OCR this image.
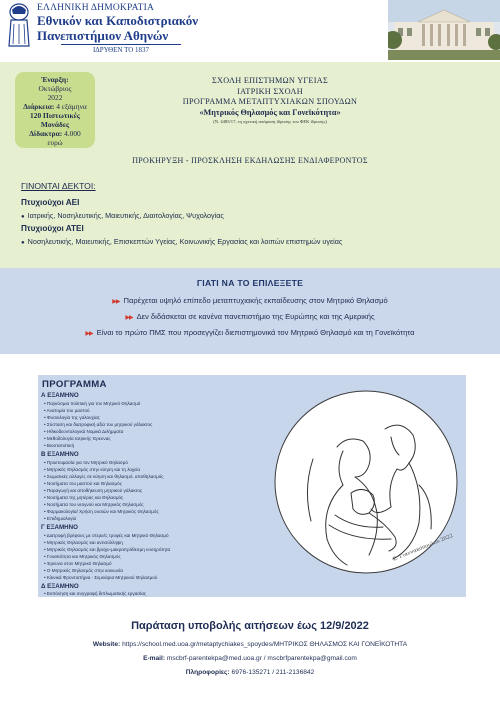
ΕΛΛΗΝΙΚΗ ΔΗΜΟΚΡΑΤΙΑ
Εθνικόν και Καποδιστριακόν
Πανεπιστήμιον Αθηνών
ΙΔΡΥΘΕΝ ΤΟ 1837
Έναρξη:
Οκτώβριος
2022
Διάρκεια: 4 εξάμηνα
120 Πιστωτικές
Μονάδες
Δίδακτρα: 4.000
ευρώ
ΣΧΟΛΗ ΕΠΙΣΤΗΜΩΝ ΥΓΕΙΑΣ
ΙΑΤΡΙΚΗ ΣΧΟΛΗ
ΠΡΟΓΡΑΜΜΑ ΜΕΤΑΠΤΥΧΙΑΚΩΝ ΣΠΟΥΔΩΝ
«Μητρικός Θηλασμός και Γονεϊκότητα»
(Ν. 4485/17, τη σχετική απόφαση ίδρυσης του ΦΕΚ ίδρυσης)
ΠΡΟΚΗΡΥΞΗ - ΠΡΟΣΚΛΗΣΗ ΕΚΔΗΛΩΣΗΣ ΕΝΔΙΑΦΕΡΟΝΤΟΣ
ΓΙΝΟΝΤΑΙ ΔΕΚΤΟΙ:
Πτυχιούχοι ΑΕΙ
● Ιατρικής, Νοσηλευτικής, Μαιευτικής, Διαιτολογίας, Ψυχολογίας
Πτυχιούχοι ΑΤΕΙ
● Νοσηλευτικής, Μαιευτικής, Επισκεπτών Υγείας, Κοινωνικής Εργασίας και λοιπών επιστημών υγείας
ΓΙΑΤΙ ΝΑ ΤΟ ΕΠΙΛΕΞΕΤΕ
▶▶ Παρέχεται υψηλό επίπεδο μεταπτυχιακής εκπαίδευσης στον Μητρικό Θηλασμό
▶▶ Δεν διδάσκεται σε κανένα πανεπιστήμιο της Ευρώπης και της Αμερικής
▶▶ Είναι το πρώτο ΠΜΣ που προσεγγίζει διεπιστημονικά τον Μητρικό Θηλασμό και τη Γονεϊκότητα
ΠΡΟΓΡΑΜΜΑ
Α ΕΞΑΜΗΝΟ
• Παγκόσμια πολιτική για τον Μητρικό Θηλασμό
• Ανατομία του μαστού
• Φυσιολογία της γαλουχίας
• Σύσταση και διατροφική αξία του μητρικού γάλακτος
• Ηθικοδεοντολογικά Νομικά Διλήμματα
• Μεθοδολογία Ιατρικής Έρευνας
• Βιοστατιστική
Β ΕΞΑΜΗΝΟ
• Προετοιμασία για τον Μητρικό Θηλασμό
• Μητρικός Θηλασμός στην κύηση και τη λοχεία
• Σωματικές αλλαγές σε κύηση και θηλασμό, αποθηλασμός
• Νοσήματα του μαστού και Θηλασμός
• Παραγωγή και αποθήκευση μητρικού γάλακτος
• Νοσήματα της μητέρας και Θηλασμός
• Νοσήματα του νεογνού και Μητρικός Θηλασμός
• Φαρμακολογία/ Χρήση ουσιών και Μητρικός Θηλασμός
• Επιδημιολογία
Γ ΕΞΑΜΗΝΟ
• Διατροφή βρέφους με στερεές τροφές και Μητρικό Θηλασμό
• Μητρικός Θηλασμός και αντισύλληψη
• Μητρικός Θηλασμός και βραχυ-μακροπρόθεσμη νοσηρότητα
• Γονεϊκότητα και Μητρικός Θηλασμός
• Έρευνα στον Μητρικό Θηλασμό
• Ο Μητρικός Θηλασμός στην κοινωνία
• Κλινικά Φροντιστήρια - Σεμινάρια Μητρικού Θηλασμού
Δ ΕΞΑΜΗΝΟ
• Εκπόνηση και συγγραφή διπλωματικής εργασίας
Ε. Γιαννακόπουλου 2022
Παράταση υποβολής αιτήσεων έως 12/9/2022
Website: https://school.med.uoa.gr/metaptychiakes_spoydes/ΜΗΤΡΙΚΟΣ ΘΗΛΑΣΜΟΣ ΚΑΙ ΓΟΝΕΪΚΟΤΗΤΑ
E-mail: mscbrf-parentekpa@med.uoa.gr / mscbrfparentekpa@gmail.com
Πληροφορίες: 6976-135271 / 211-2136842
